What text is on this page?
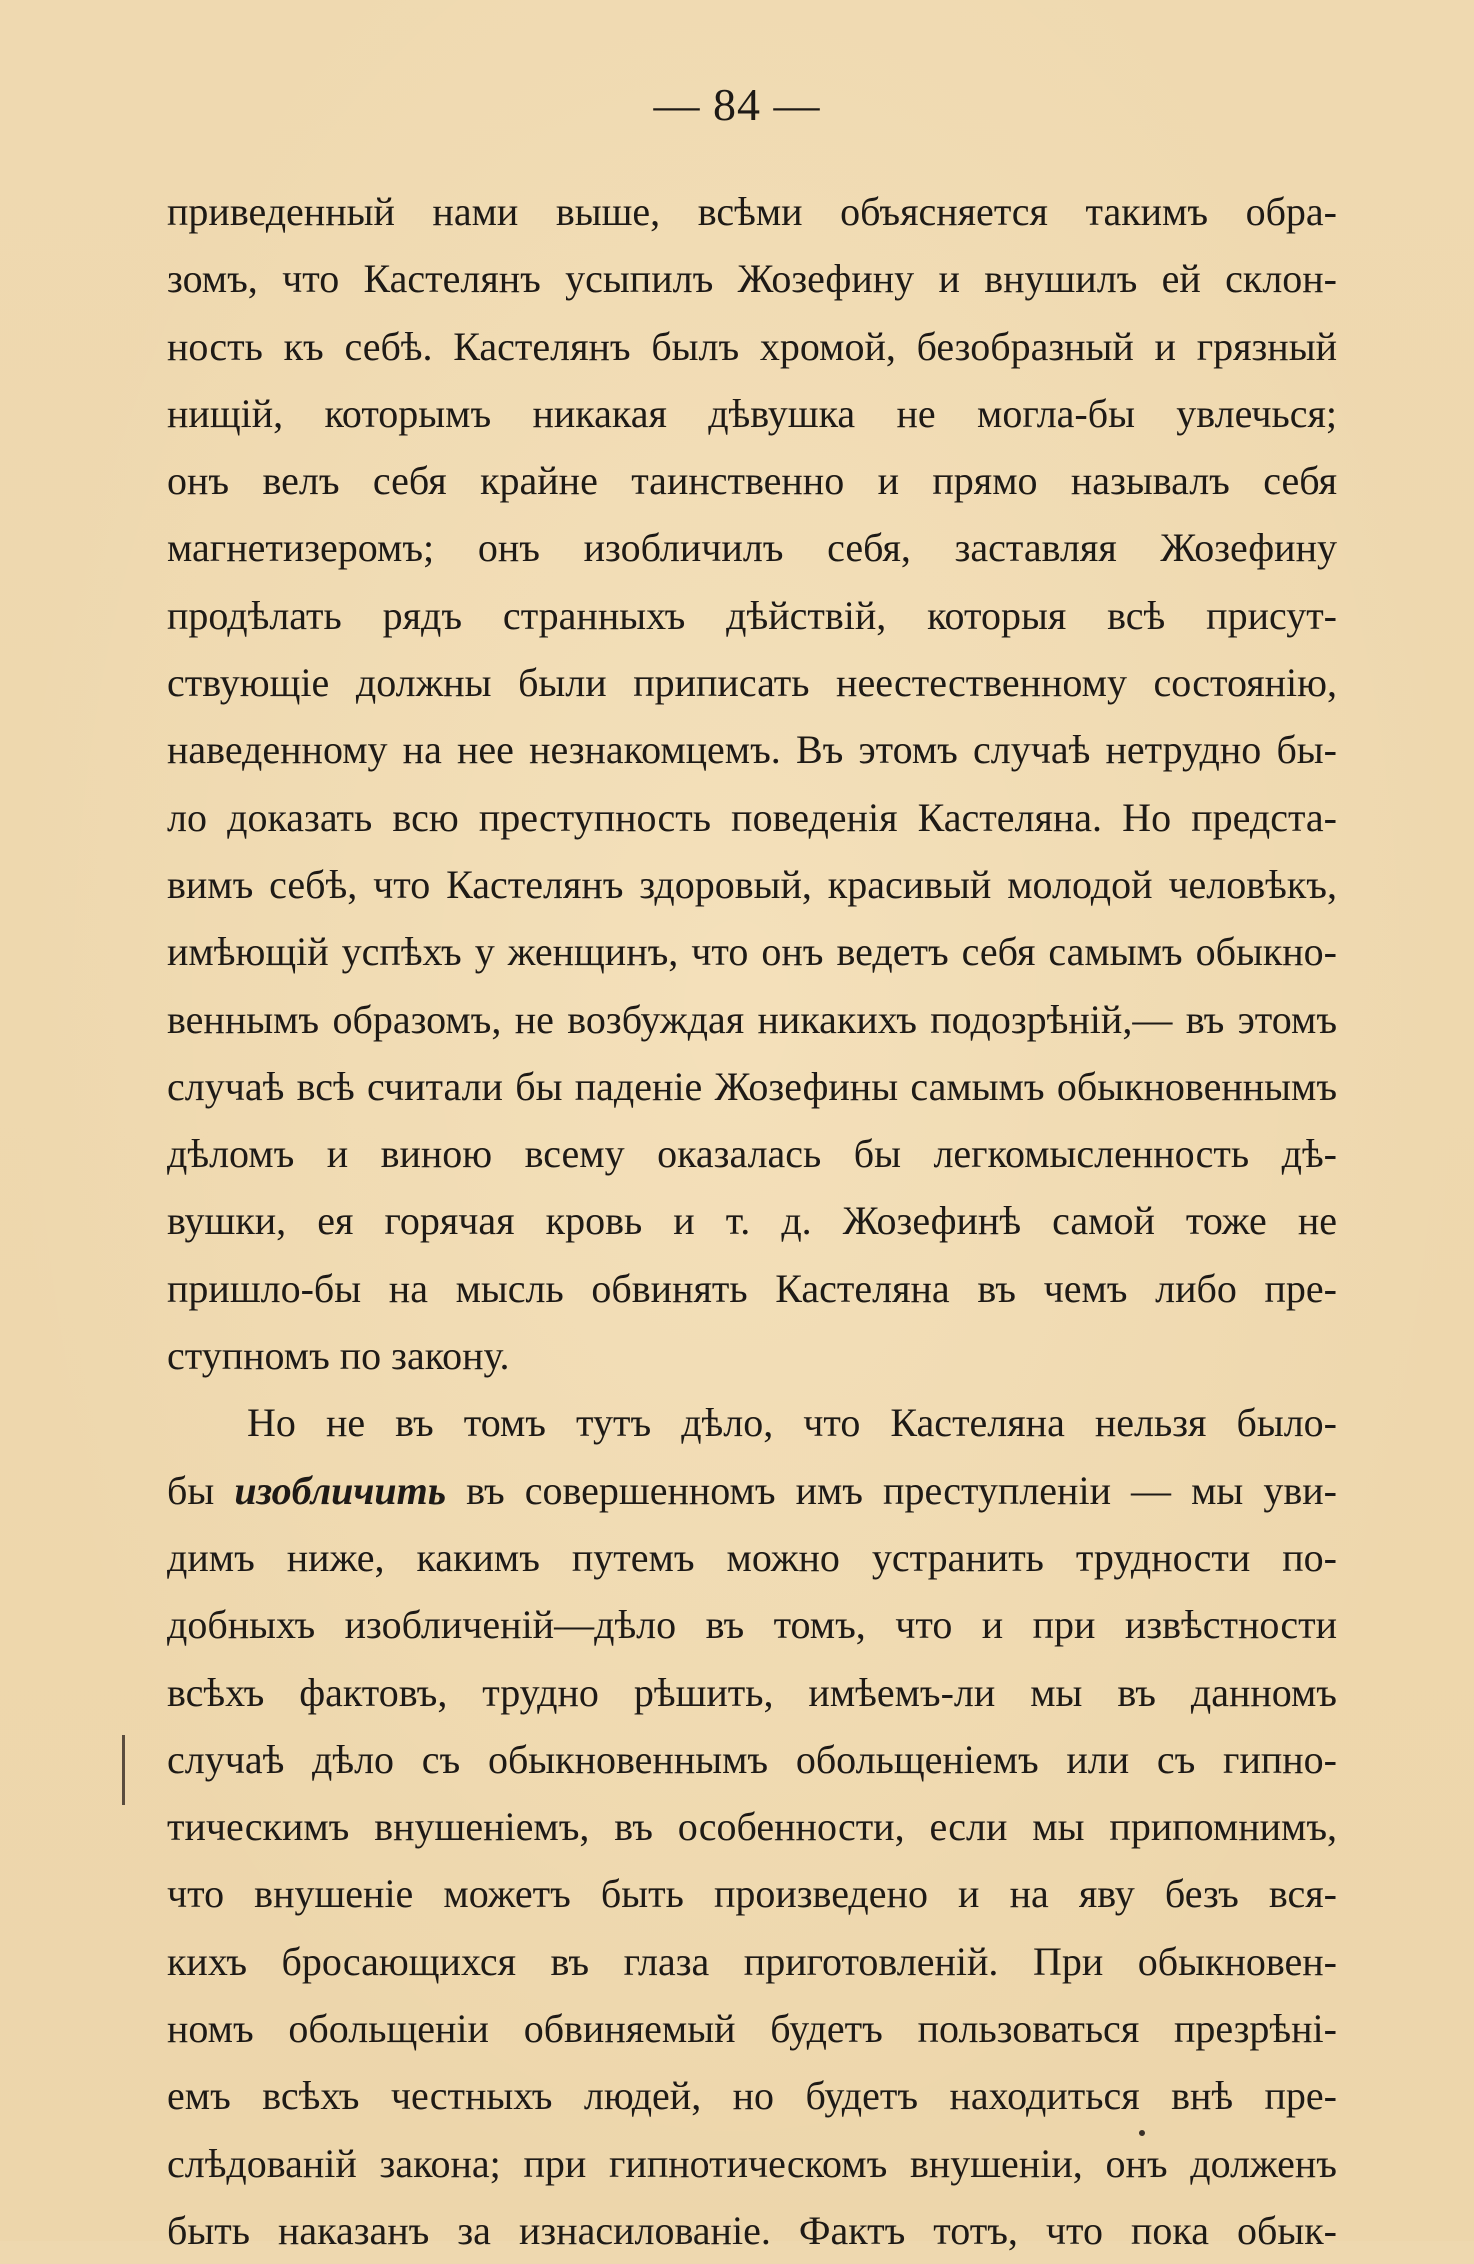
— 84 —
приведенный нами выше, всѣми объясняется такимъ обра-
зомъ, что Кастелянъ усыпилъ Жозефину и внушилъ ей склон-
ность къ себѣ. Кастелянъ былъ хромой, безобразный и грязный
нищій, которымъ никакая дѣвушка не могла-бы увлечься;
онъ велъ себя крайне таинственно и прямо называлъ себя
магнетизеромъ; онъ изобличилъ себя, заставляя Жозефину
продѣлать рядъ странныхъ дѣйствій, которыя всѣ присут-
ствующіе должны были приписать неестественному состоянію,
наведенному на нее незнакомцемъ. Въ этомъ случаѣ нетрудно бы-
ло доказать всю преступность поведенія Кастеляна. Но предста-
вимъ себѣ, что Кастелянъ здоровый, красивый молодой человѣкъ,
имѣющій успѣхъ у женщинъ, что онъ ведетъ себя самымъ обыкно-
веннымъ образомъ, не возбуждая никакихъ подозрѣній,— въ этомъ
случаѣ всѣ считали бы паденіе Жозефины самымъ обыкновеннымъ
дѣломъ и виною всему оказалась бы легкомысленность дѣ-
вушки, ея горячая кровь и т. д. Жозефинѣ самой тоже не
пришло-бы на мысль обвинять Кастеляна въ чемъ либо пре-
ступномъ по закону.
Но не въ томъ тутъ дѣло, что Кастеляна нельзя было-
бы изобличить въ совершенномъ имъ преступленіи — мы уви-
димъ ниже, какимъ путемъ можно устранить трудности по-
добныхъ изобличеній—дѣло въ томъ, что и при извѣстности
всѣхъ фактовъ, трудно рѣшить, имѣемъ-ли мы въ данномъ
случаѣ дѣло съ обыкновеннымъ обольщеніемъ или съ гипно-
тическимъ внушеніемъ, въ особенности, если мы припомнимъ,
что внушеніе можетъ быть произведено и на яву безъ вся-
кихъ бросающихся въ глаза приготовленій. При обыкновен-
номъ обольщеніи обвиняемый будетъ пользоваться презрѣні-
емъ всѣхъ честныхъ людей, но будетъ находиться внѣ пре-
слѣдованій закона; при гипнотическомъ внушеніи, онъ долженъ
быть наказанъ за изнасилованіе. Фактъ тотъ, что пока обык-
